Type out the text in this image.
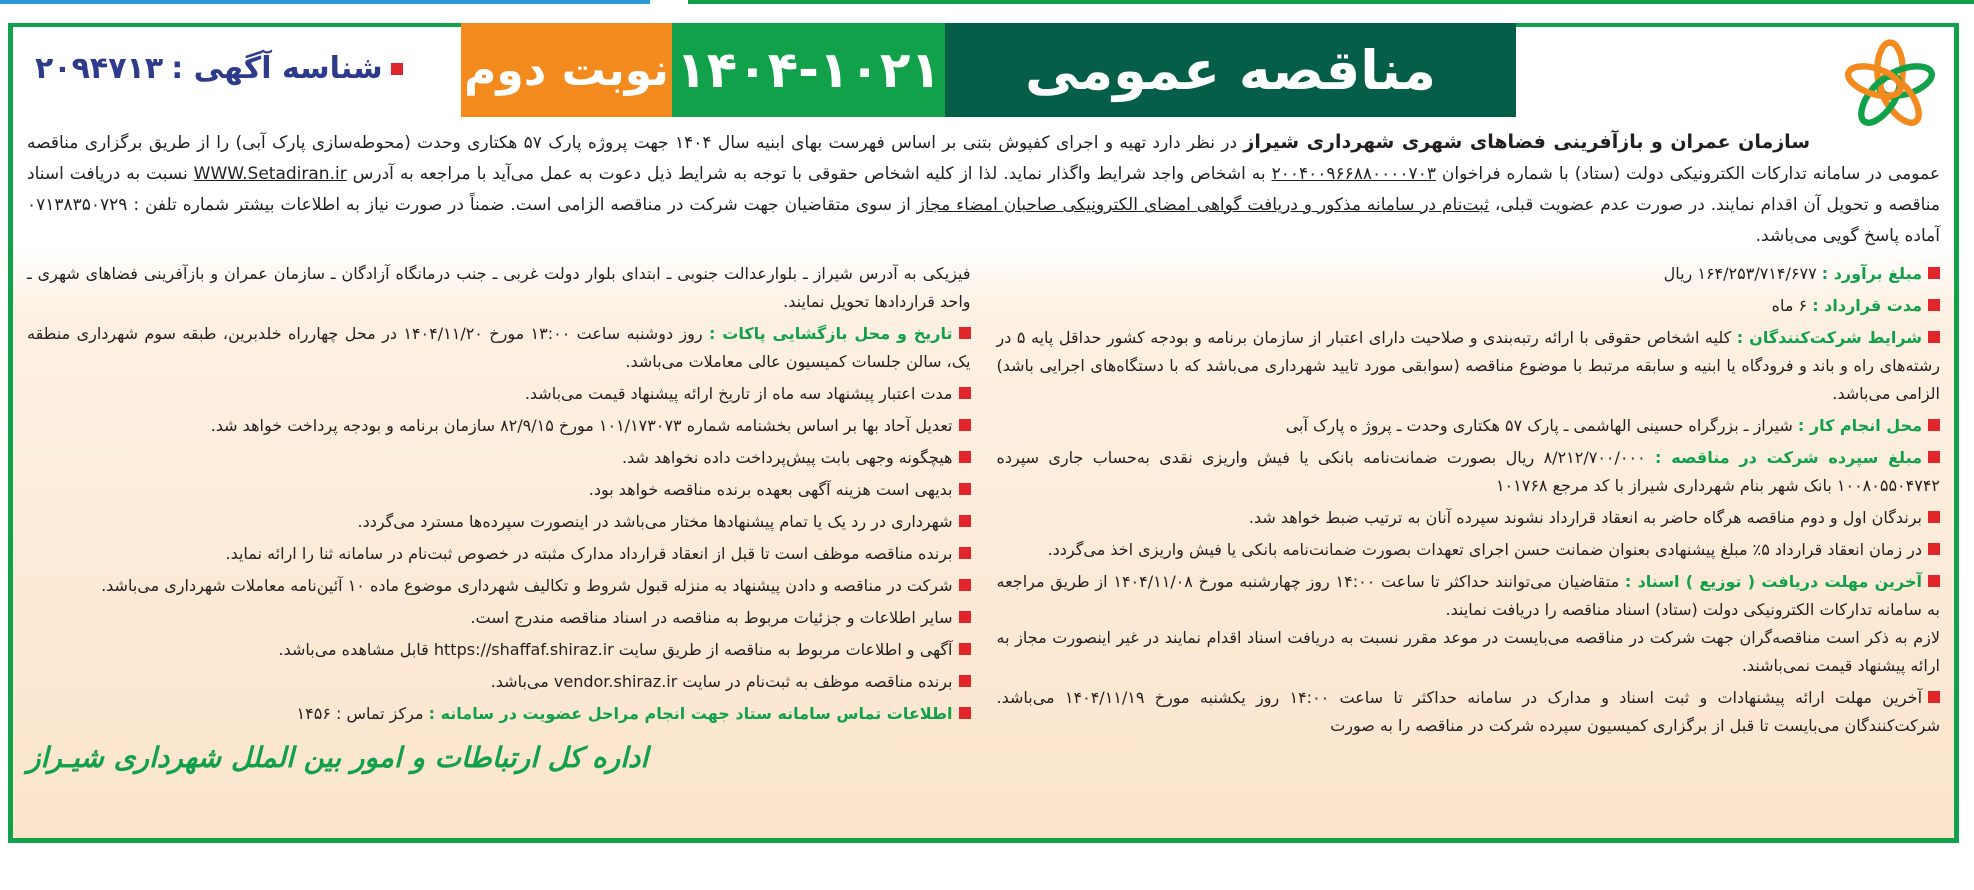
مناقصه عمومی
۱۴۰۴-۱۰۲۱
نوبت دوم
شناسه آگهی :
۲۰۹۴۷۱۳
سازمان عمران و بازآفرینی فضاهای شهری شهرداری شیراز در نظر دارد تهیه و اجرای کفپوش بتنی بر اساس فهرست بهای ابنیه سال ۱۴۰۴ جهت پروژه پارک ۵۷ هکتاری وحدت (محوطه‌سازی پارک آبی) را از طریق برگزاری مناقصه عمومی در سامانه تدارکات الکترونیکی دولت (ستاد) با شماره فراخوان ۲۰۰۴۰۰۹۶۶۸۸۰۰۰۰۷۰۳ به اشخاص واجد شرایط واگذار نماید. لذا از کلیه اشخاص حقوقی با توجه به شرایط ذیل دعوت به عمل می‌آید با مراجعه به آدرس WWW.Setadiran.ir نسبت به دریافت اسناد مناقصه و تحویل آن اقدام نمایند. در صورت عدم عضویت قبلی، ثبت‌نام در سامانه مذکور و دریافت گواهی امضای الکترونیکی صاحبان امضاء مجاز از سوی متقاضیان جهت شرکت در مناقصه الزامی است. ضمناً در صورت نیاز به اطلاعات بیشتر شماره تلفن : ۰۷۱۳۸۳۵۰۷۲۹ آماده پاسخ گویی می‌باشد.
مبلغ برآورد : ۱۶۴/۲۵۳/۷۱۴/۶۷۷ ریال
مدت قرارداد : ۶ ماه
شرایط شرکت‌کنندگان : کلیه اشخاص حقوقی با ارائه رتبه‌بندی و صلاحیت دارای اعتبار از سازمان برنامه و بودجه کشور حداقل پایه ۵ در رشته‌های راه و باند و فرودگاه یا ابنیه و سابقه مرتبط با موضوع مناقصه (سوابقی مورد تایید شهرداری می‌باشد که با دستگاه‌های اجرایی باشد) الزامی می‌باشد.
محل انجام کار : شیراز ـ بزرگراه حسینی الهاشمی ـ پارک ۵۷ هکتاری وحدت ـ پروژ ه پارک آبی
مبلغ سپرده شرکت در مناقصه : ۸/۲۱۲/۷۰۰/۰۰۰ ریال بصورت ضمانت‌نامه بانکی یا فیش واریزی نقدی به‌حساب جاری سپرده ۱۰۰۸۰۵۵۰۴۷۴۲ بانک شهر بنام شهرداری شیراز با کد مرجع ۱۰۱۷۶۸
برندگان اول و دوم مناقصه هرگاه حاضر به انعقاد قرارداد نشوند سپرده آنان به ترتیب ضبط خواهد شد.
در زمان انعقاد قرارداد ۵٪ مبلغ پیشنهادی بعنوان ضمانت حسن اجرای تعهدات بصورت ضمانت‌نامه بانکی یا فیش واریزی اخذ می‌گردد.
آخرین مهلت دریافت ( توزیع ) اسناد : متقاضیان می‌توانند حداکثر تا ساعت ۱۴:۰۰ روز چهارشنبه مورخ ۱۴۰۴/۱۱/۰۸ از طریق مراجعه به سامانه تدارکات الکترونیکی دولت (ستاد) اسناد مناقصه را دریافت نمایند.
لازم به ذکر است مناقصه‌گران جهت شرکت در مناقصه می‌بایست در موعد مقرر نسبت به دریافت اسناد اقدام نمایند در غیر اینصورت مجاز به ارائه پیشنهاد قیمت نمی‌باشند.
آخرین مهلت ارائه پیشنهادات و ثبت اسناد و مدارک در سامانه حداکثر تا ساعت ۱۴:۰۰ روز یکشنبه مورخ ۱۴۰۴/۱۱/۱۹ می‌باشد. شرکت‌کنندگان می‌بایست تا قبل از برگزاری کمیسیون سپرده شرکت در مناقصه را به صورت
فیزیکی به آدرس شیراز ـ بلوارعدالت جنوبی ـ ابتدای بلوار دولت غربی ـ جنب درمانگاه آزادگان ـ سازمان عمران و بازآفرینی فضاهای شهری ـ واحد قراردادها تحویل نمایند.
تاریخ و محل بازگشایی پاکات : روز دوشنبه ساعت ۱۳:۰۰ مورخ ۱۴۰۴/۱۱/۲۰ در محل چهارراه خلدبرین، طبقه سوم شهرداری منطقه یک، سالن جلسات کمیسیون عالی معاملات می‌باشد.
مدت اعتبار پیشنهاد سه ماه از تاریخ ارائه پیشنهاد قیمت می‌باشد.
تعدیل آحاد بها بر اساس بخشنامه شماره ۱۰۱/۱۷۳۰۷۳ مورخ ۸۲/۹/۱۵ سازمان برنامه و بودجه پرداخت خواهد شد.
هیچگونه وجهی بابت پیش‌پرداخت داده نخواهد شد.
بدیهی است هزینه آگهی بعهده برنده مناقصه خواهد بود.
شهرداری در رد یک یا تمام پیشنهادها مختار می‌باشد در اینصورت سپرده‌ها مسترد می‌گردد.
برنده مناقصه موظف است تا قبل از انعقاد قرارداد مدارک مثبته در خصوص ثبت‌نام در سامانه ثنا را ارائه نماید.
شرکت در مناقصه و دادن پیشنهاد به منزله قبول شروط و تکالیف شهرداری موضوع ماده ۱۰ آئین‌نامه معاملات شهرداری می‌باشد.
سایر اطلاعات و جزئیات مربوط به مناقصه در اسناد مناقصه مندرج است.
آگهی و اطلاعات مربوط به مناقصه از طریق سایت https://shaffaf.shiraz.ir قابل مشاهده می‌باشد.
برنده مناقصه موظف به ثبت‌نام در سایت vendor.shiraz.ir می‌باشد.
اطلاعات تماس سامانه ستاد جهت انجام مراحل عضویت در سامانه : مرکز تماس : ۱۴۵۶
اداره کل ارتباطات و امور بین الملل شهرداری شیـراز
